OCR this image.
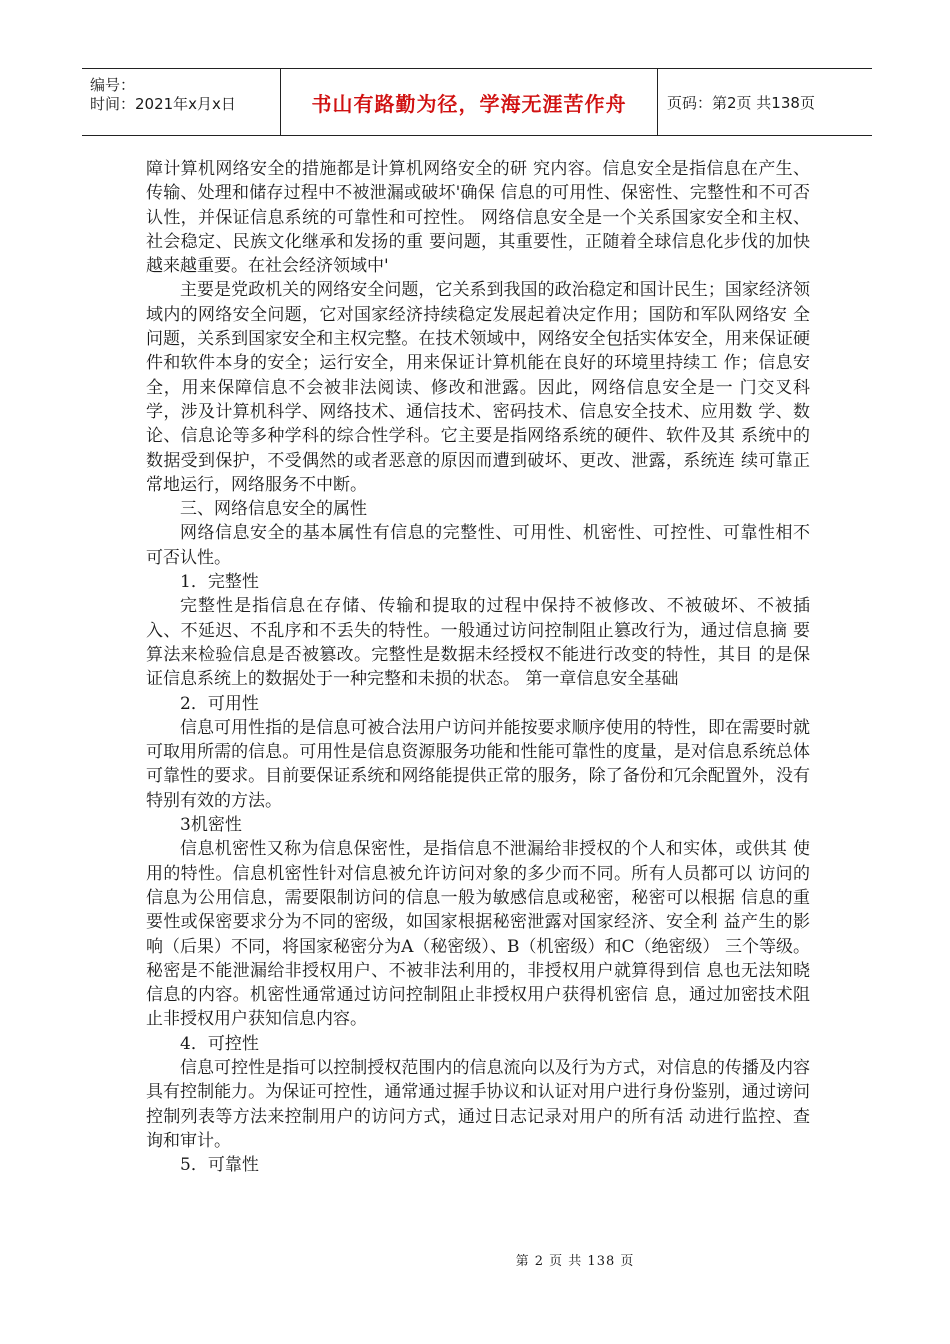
编号：
时间：2021年x月x日	书山有路勤为径，学海无涯苦作舟	页码：第2页 共138页

障计算机网络安全的措施都是计算机网络安全的研 究内容。信息安全是指信息在产生、传输、处理和储存过程中不被泄漏或破坏'确保 信息的可用性、保密性、完整性和不可否认性，并保证信息系统的可靠性和可控性。 网络信息安全是一个关系国家安全和主权、社会稳定、民族文化继承和发扬的重 要问题，其重要性，正随着全球信息化步伐的加快越来越重要。在社会经济领域中'

主要是党政机关的网络安全问题，它关系到我国的政治稳定和国计民生；国家经济领 域内的网络安全问题，它对国家经济持续稳定发展起着决定作用；国防和军队网络安 全问题，关系到国家安全和主权完整。在技术领域中，网络安全包括实体安全，用来保证硬件和软件本身的安全；运行安全，用来保证计算机能在良好的环境里持续工 作；信息安全，用来保障信息不会被非法阅读、修改和泄露。因此，网络信息安全是一 门交叉科学，涉及计算机科学、网络技术、通信技术、密码技术、信息安全技术、应用数 学、数论、信息论等多种学科的综合性学科。它主要是指网络系统的硬件、软件及其 系统中的数据受到保护，不受偶然的或者恶意的原因而遭到破坏、更改、泄露，系统连 续可靠正常地运行，网络服务不中断。

三、网络信息安全的属性

网络信息安全的基本属性有信息的完整性、可用性、机密性、可控性、可靠性相不 可否认性。

1．完整性

完整性是指信息在存储、传输和提取的过程中保持不被修改、不被破坏、不被插 入、不延迟、不乱序和不丢失的特性。一般通过访问控制阻止篡改行为，通过信息摘 要算法来检验信息是否被篡改。完整性是数据未经授权不能进行改变的特性，其目 的是保证信息系统上的数据处于一种完整和未损的状态。 第一章信息安全基础

2．可用性

信息可用性指的是信息可被合法用户访问并能按要求顺序使用的特性，即在需要时就可取用所需的信息。可用性是信息资源服务功能和性能可靠性的度量，是对信息系统总体可靠性的要求。目前要保证系统和网络能提供正常的服务，除了备份和冗余配置外，没有特别有效的方法。

3机密性

信息机密性又称为信息保密性，是指信息不泄漏给非授权的个人和实体，或供其 使用的特性。信息机密性针对信息被允许访问对象的多少而不同。所有人员都可以 访问的信息为公用信息，需要限制访问的信息一般为敏感信息或秘密，秘密可以根据 信息的重要性或保密要求分为不同的密级，如国家根据秘密泄露对国家经济、安全利 益产生的影响（后果）不同，将国家秘密分为A（秘密级）、B（机密级）和C（绝密级） 三个等级。秘密是不能泄漏给非授权用户、不被非法利用的，非授权用户就算得到信 息也无法知晓信息的内容。机密性通常通过访问控制阻止非授权用户获得机密信 息，通过加密技术阻止非授权用户获知信息内容。

4．可控性

信息可控性是指可以控制授权范围内的信息流向以及行为方式，对信息的传播及内容具有控制能力。为保证可控性，通常通过握手协议和认证对用户进行身份鉴别，通过谤问控制列表等方法来控制用户的访问方式，通过日志记录对用户的所有活 动进行监控、查询和审计。

5．可靠性

第 2 页 共 138 页
